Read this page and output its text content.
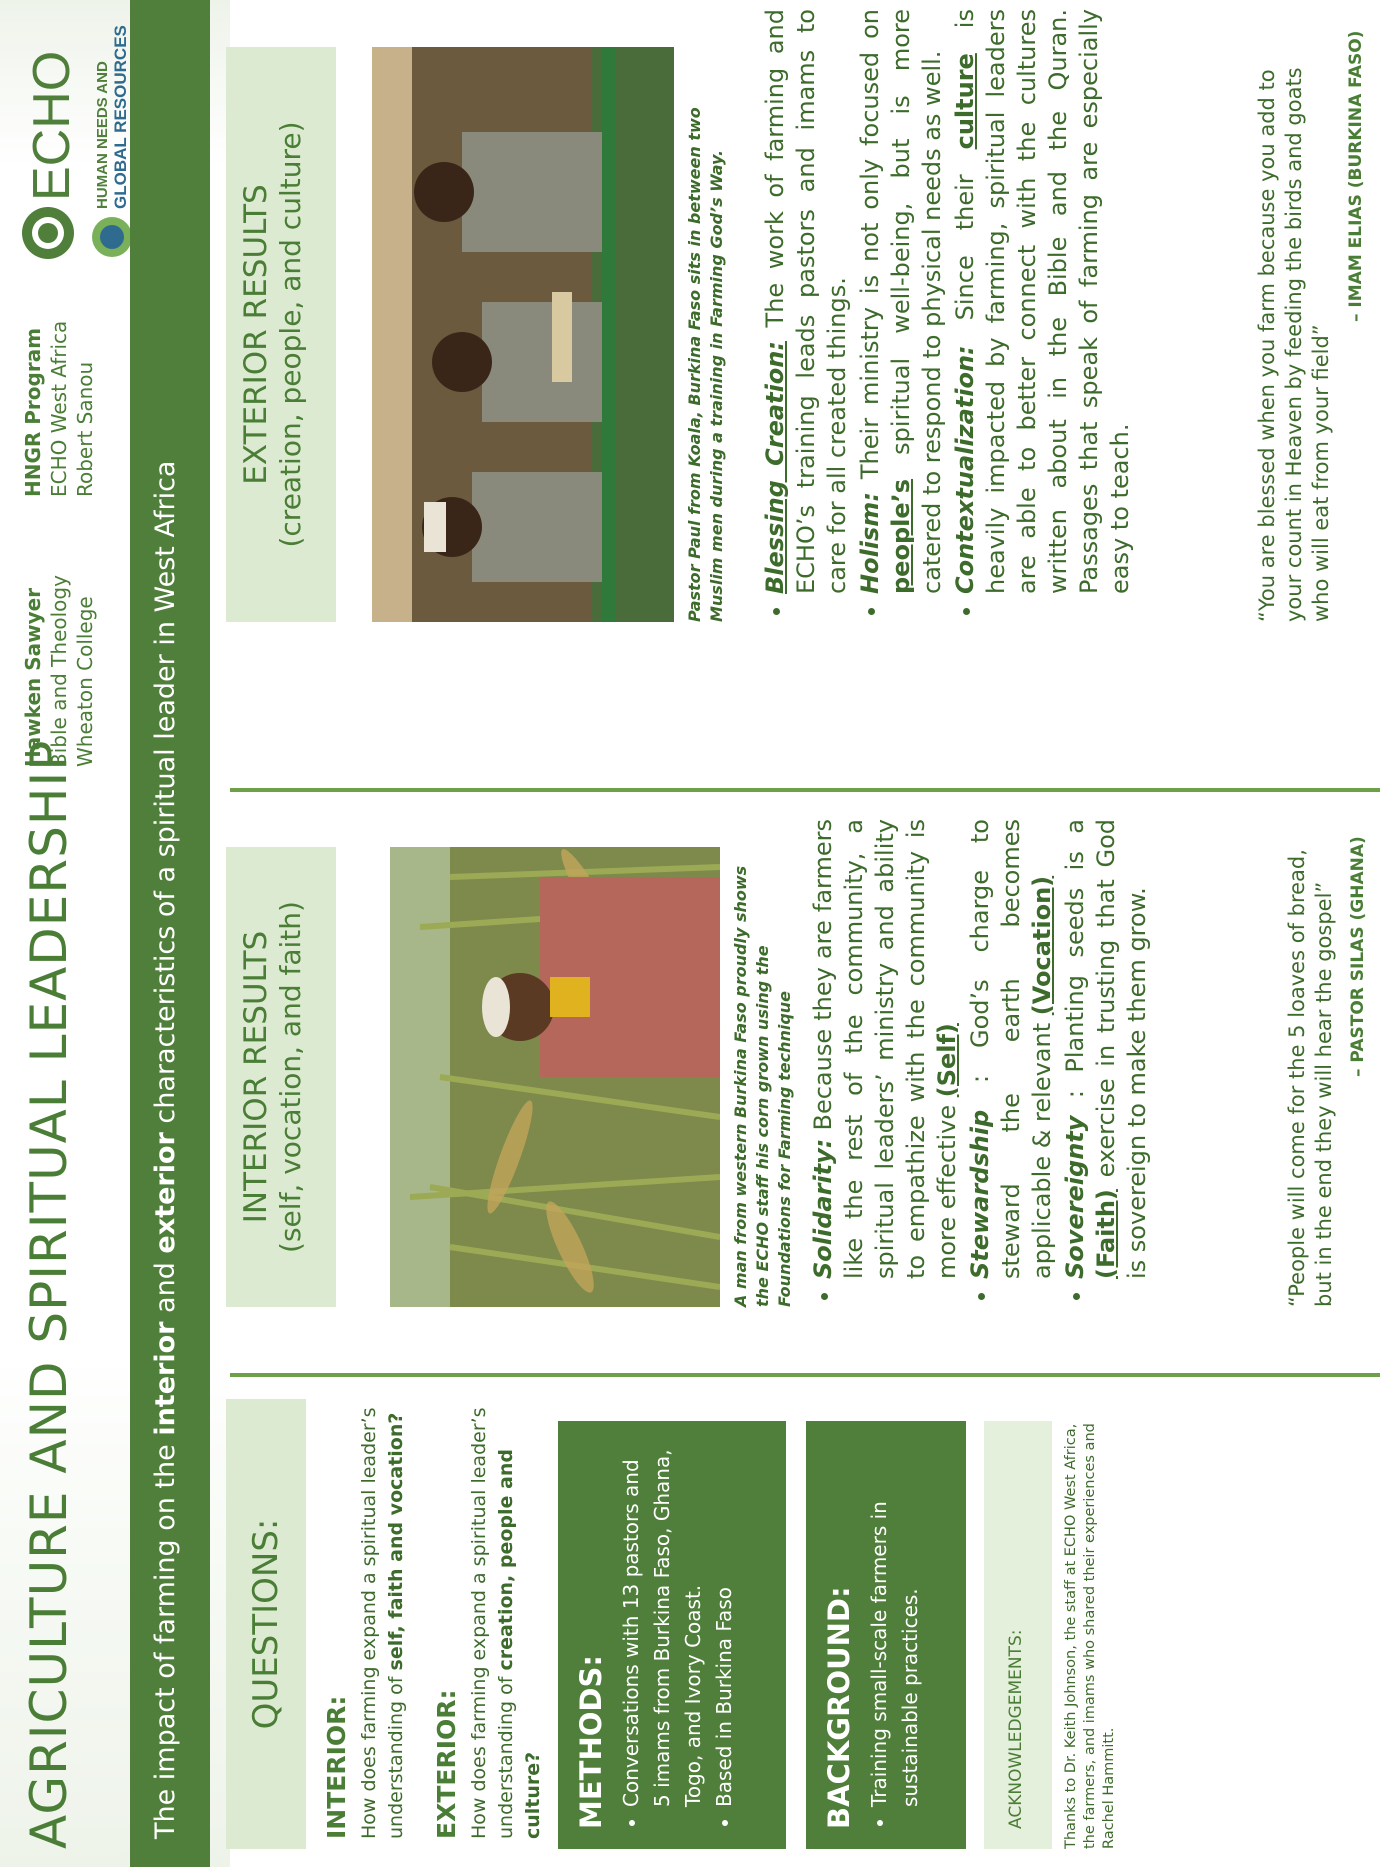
AGRICULTURE AND SPIRITUAL LEADERSHIP
Hawken Sawyer Bible and Theology Wheaton College
HNGR Program ECHO West Africa Robert Sanou
ECHO HUMAN NEEDS AND GLOBAL RESOURCES
The impact of farming on the interior and exterior characteristics of a spiritual leader in West Africa
QUESTIONS:
INTERIOR: How does farming expand a spiritual leader’s understanding of self, faith and vocation?
EXTERIOR: How does farming expand a spiritual leader’s understanding of creation, people and culture? METHODS: • Conversations with 13 pastors and 5 imams from Burkina Faso, Ghana, Togo, and Ivory Coast. • Based in Burkina Faso	BACKGROUND: • Training small-scale farmers in sustainable practices.	ACKNOWLEDGEMENTS:	Thanks to Dr. Keith Johnson, the staff at ECHO West Africa, the farmers, and imams who shared their experiences and Rachel Hammitt.
INTERIOR RESULTS (self, vocation, and faith)	A man from western Burkina Faso proudly shows the ECHO staff his corn grown using the Foundations for Farming technique • Solidarity: Because they are farmers like the rest of the community, a spiritual leaders’ ministry and ability to empathize with the community is more effective (Self)
• Stewardship : God’s charge to steward the earth becomes applicable & relevant (Vocation)
• Sovereignty : Planting seeds is a (Faith) exercise in trusting that God is sovereign to make them grow.	“People will come for the 5 loaves of bread, but in the end they will hear the gospel” – PASTOR SILAS (GHANA)
EXTERIOR RESULTS (creation, people, and culture)	Pastor Paul from Koala, Burkina Faso sits in between two Muslim men during a training in Farming God’s Way. • Blessing Creation: The work of farming and ECHO’s training leads pastors and imams to care for all created things. • Holism: Their ministry is not only focused on people’s spiritual well-being, but is more catered to respond to physical needs as well. • Contextualization: Since their culture is heavily impacted by farming, spiritual leaders are able to better connect with the cultures written about in the Bible and the Quran. Passages that speak of farming are especially easy to teach.	“You are blessed when you farm because you add to your count in Heaven by feeding the birds and goats who will eat from your field”
– IMAM ELIAS (BURKINA FASO)
